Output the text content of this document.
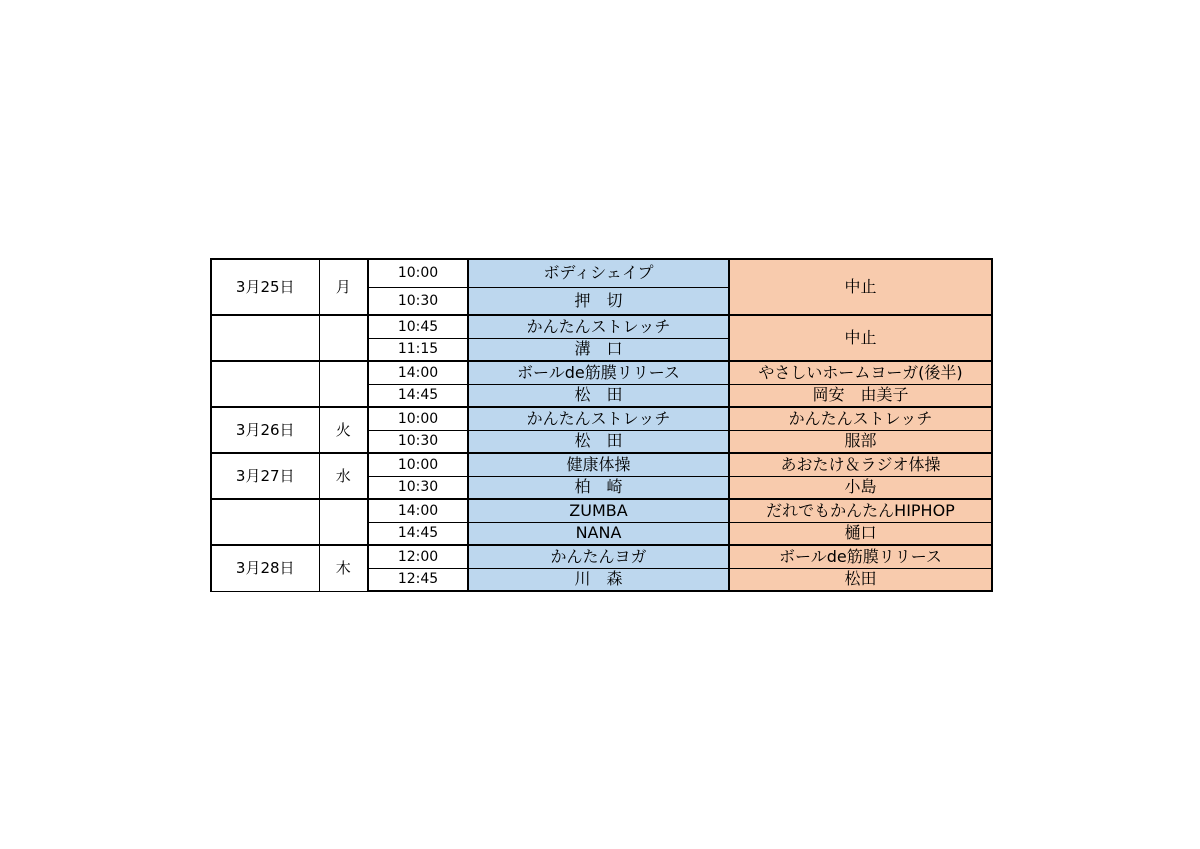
3月25日	月	10:00	ボディシェイプ	中止
		10:30	押　切	
		10:45	かんたんストレッチ	中止
		11:15	溝　口	
		14:00	ボールde筋膜リリース	やさしいホームヨーガ(後半)
		14:45	松　田	岡安　由美子
3月26日	火	10:00	かんたんストレッチ	かんたんストレッチ
		10:30	松　田	服部
3月27日	水	10:00	健康体操	あおたけ＆ラジオ体操
		10:30	柏　崎	小島
		14:00	ZUMBA	だれでもかんたんHIPHOP
		14:45	NANA	樋口
3月28日	木	12:00	かんたんヨガ	ボールde筋膜リリース
		12:45	川　森	松田
